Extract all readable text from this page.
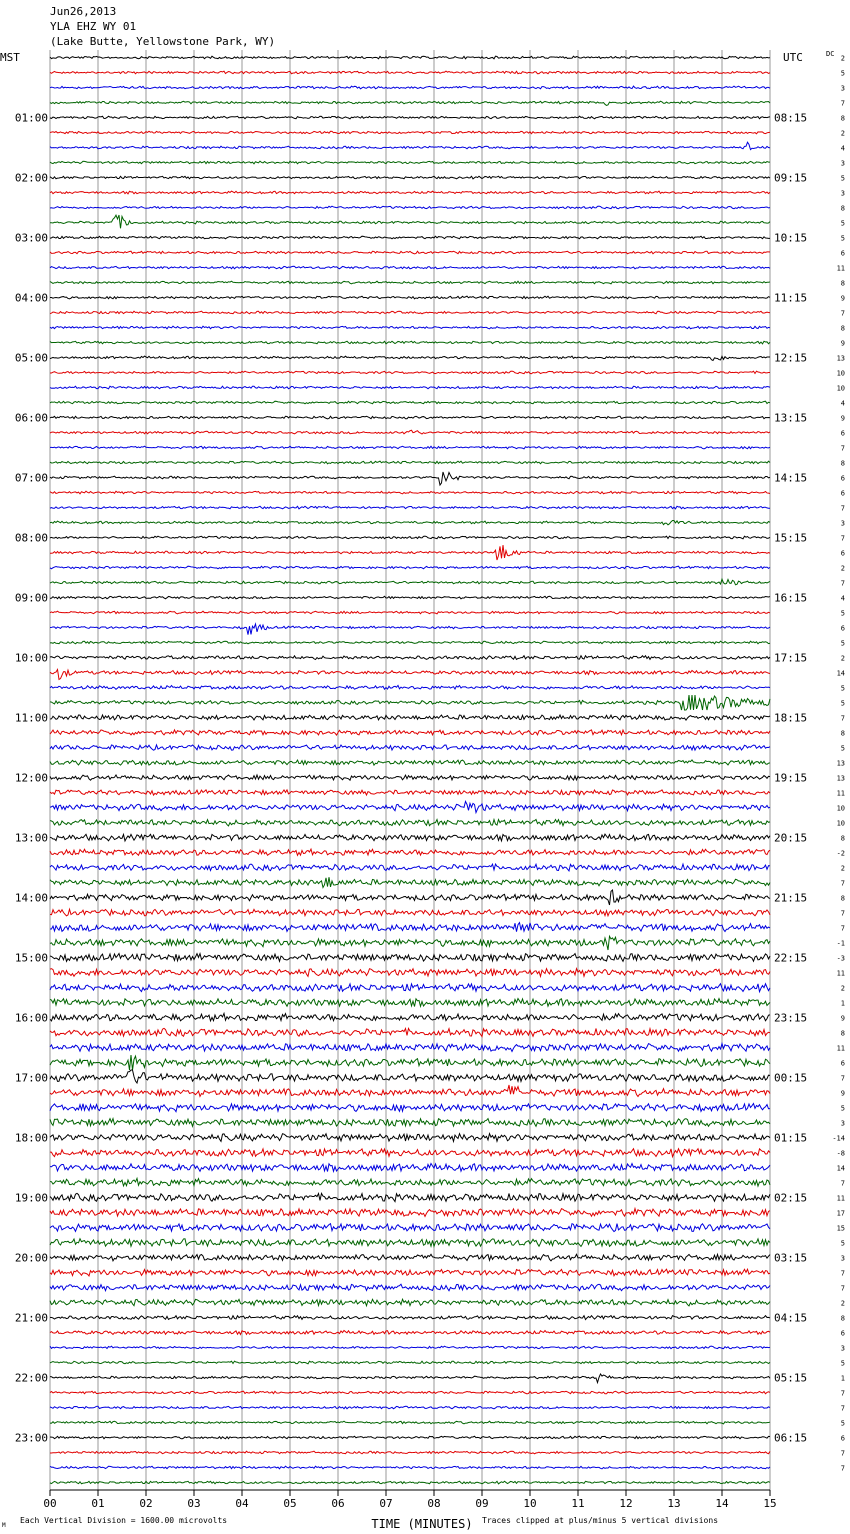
Jun26,2013
YLA EHZ WY 01
(Lake Butte, Yellowstone Park, WY)
MST	UTC
00	01	02	03	04	05	06	07	08	09	10	11	12	13	14	15
2
5
3
7
8
2
4
3
5
3
8
5
5
6
11
8
9
7
8
9
13
10
10
4
9
6
7
8
6
6
7
3
7
6
2
7
4
5
6
5
2
14
5
5
7
8
5
13
13
11
10
10
8
-2
2
7
8
7
7
-1
-3
11
2
1
9
8
11
6
7
9
5
3
-14
-8
14
7
11
17
15
5
3
7
7
2
8
6
3
5
1
7
7
5
6
7
7
01:00
02:00
03:00
04:00
05:00
06:00
07:00
08:00
09:00
10:00
11:00
12:00
13:00
14:00
15:00
16:00
17:00
18:00
19:00
20:00
21:00
22:00
23:00
08:15
09:15
10:15
11:15
12:15
13:15
14:15
15:15
16:15
17:15
18:15
19:15
20:15
21:15
22:15
23:15
00:15
01:15
02:15
03:15
04:15
05:15
06:15
DC
TIME (MINUTES)
Each Vertical Division = 1600.00 microvolts	Traces clipped at plus/minus 5 vertical divisions
M
